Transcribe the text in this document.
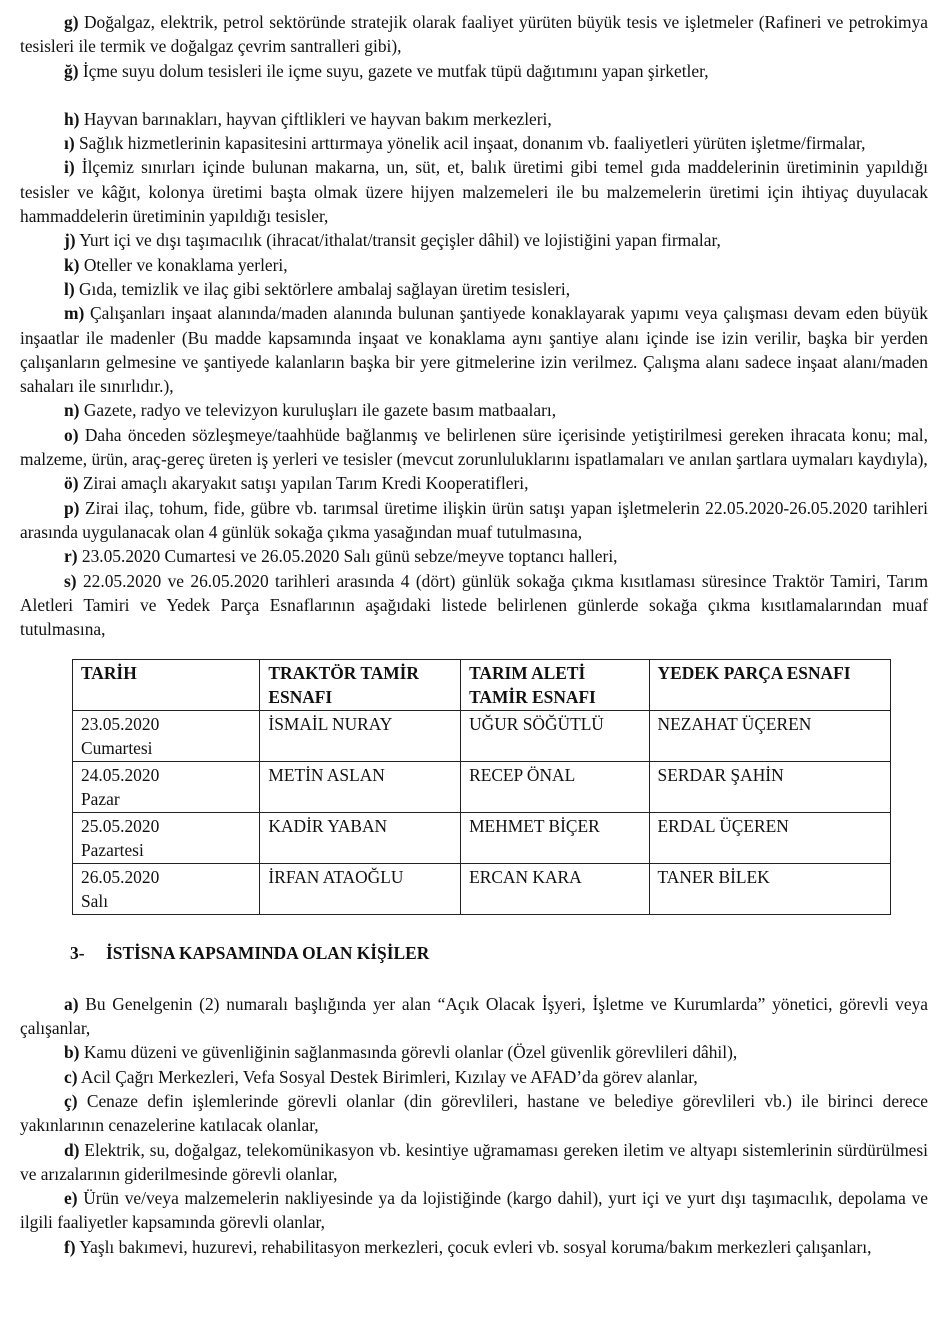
g) Doğalgaz, elektrik, petrol sektöründe stratejik olarak faaliyet yürüten büyük tesis ve işletmeler (Rafineri ve petrokimya tesisleri ile termik ve doğalgaz çevrim santralleri gibi),

ğ) İçme suyu dolum tesisleri ile içme suyu, gazete ve mutfak tüpü dağıtımını yapan şirketler,

h) Hayvan barınakları, hayvan çiftlikleri ve hayvan bakım merkezleri,

ı) Sağlık hizmetlerinin kapasitesini arttırmaya yönelik acil inşaat, donanım vb. faaliyetleri yürüten işletme/firmalar,

i) İlçemiz sınırları içinde bulunan makarna, un, süt, et, balık üretimi gibi temel gıda maddelerinin üretiminin yapıldığı tesisler ve kâğıt, kolonya üretimi başta olmak üzere hijyen malzemeleri ile bu malzemelerin üretimi için ihtiyaç duyulacak hammaddelerin üretiminin yapıldığı tesisler,

j) Yurt içi ve dışı taşımacılık (ihracat/ithalat/transit geçişler dâhil) ve lojistiğini yapan firmalar,

k) Oteller ve konaklama yerleri,

l) Gıda, temizlik ve ilaç gibi sektörlere ambalaj sağlayan üretim tesisleri,

m) Çalışanları inşaat alanında/maden alanında bulunan şantiyede konaklayarak yapımı veya çalışması devam eden büyük inşaatlar ile madenler (Bu madde kapsamında inşaat ve konaklama aynı şantiye alanı içinde ise izin verilir, başka bir yerden çalışanların gelmesine ve şantiyede kalanların başka bir yere gitmelerine izin verilmez. Çalışma alanı sadece inşaat alanı/maden sahaları ile sınırlıdır.),

n) Gazete, radyo ve televizyon kuruluşları ile gazete basım matbaaları,

o) Daha önceden sözleşmeye/taahhüde bağlanmış ve belirlenen süre içerisinde yetiştirilmesi gereken ihracata konu; mal, malzeme, ürün, araç-gereç üreten iş yerleri ve tesisler (mevcut zorunluluklarını ispatlamaları ve anılan şartlara uymaları kaydıyla),

ö) Zirai amaçlı akaryakıt satışı yapılan Tarım Kredi Kooperatifleri,

p) Zirai ilaç, tohum, fide, gübre vb. tarımsal üretime ilişkin ürün satışı yapan işletmelerin 22.05.2020-26.05.2020 tarihleri arasında uygulanacak olan 4 günlük sokağa çıkma yasağından muaf tutulmasına,

r) 23.05.2020 Cumartesi ve 26.05.2020 Salı günü sebze/meyve toptancı halleri,

s) 22.05.2020 ve 26.05.2020 tarihleri arasında 4 (dört) günlük sokağa çıkma kısıtlaması süresince Traktör Tamiri, Tarım Aletleri Tamiri ve Yedek Parça Esnaflarının aşağıdaki listede belirlenen günlerde sokağa çıkma kısıtlamalarından muaf tutulmasına,

TARİH	TRAKTÖR TAMİR ESNAFI	TARIM ALETİ TAMİR ESNAFI	YEDEK PARÇA ESNAFI
23.05.2020
Cumartesi	İSMAİL NURAY	UĞUR SÖĞÜTLÜ	NEZAHAT ÜÇEREN
24.05.2020
Pazar	METİN ASLAN	RECEP ÖNAL	SERDAR ŞAHİN
25.05.2020
Pazartesi	KADİR YABAN	MEHMET BİÇER	ERDAL ÜÇEREN
26.05.2020
Salı	İRFAN ATAOĞLU	ERCAN KARA	TANER BİLEK
3- İSTİSNA KAPSAMINDA OLAN KİŞİLER

a) Bu Genelgenin (2) numaralı başlığında yer alan “Açık Olacak İşyeri, İşletme ve Kurumlarda” yönetici, görevli veya çalışanlar,

b) Kamu düzeni ve güvenliğinin sağlanmasında görevli olanlar (Özel güvenlik görevlileri dâhil),

c) Acil Çağrı Merkezleri, Vefa Sosyal Destek Birimleri, Kızılay ve AFAD’da görev alanlar,

ç) Cenaze defin işlemlerinde görevli olanlar (din görevlileri, hastane ve belediye görevlileri vb.) ile birinci derece yakınlarının cenazelerine katılacak olanlar,

d) Elektrik, su, doğalgaz, telekomünikasyon vb. kesintiye uğramaması gereken iletim ve altyapı sistemlerinin sürdürülmesi ve arızalarının giderilmesinde görevli olanlar,

e) Ürün ve/veya malzemelerin nakliyesinde ya da lojistiğinde (kargo dahil), yurt içi ve yurt dışı taşımacılık, depolama ve ilgili faaliyetler kapsamında görevli olanlar,

f) Yaşlı bakımevi, huzurevi, rehabilitasyon merkezleri, çocuk evleri vb. sosyal koruma/bakım merkezleri çalışanları,
